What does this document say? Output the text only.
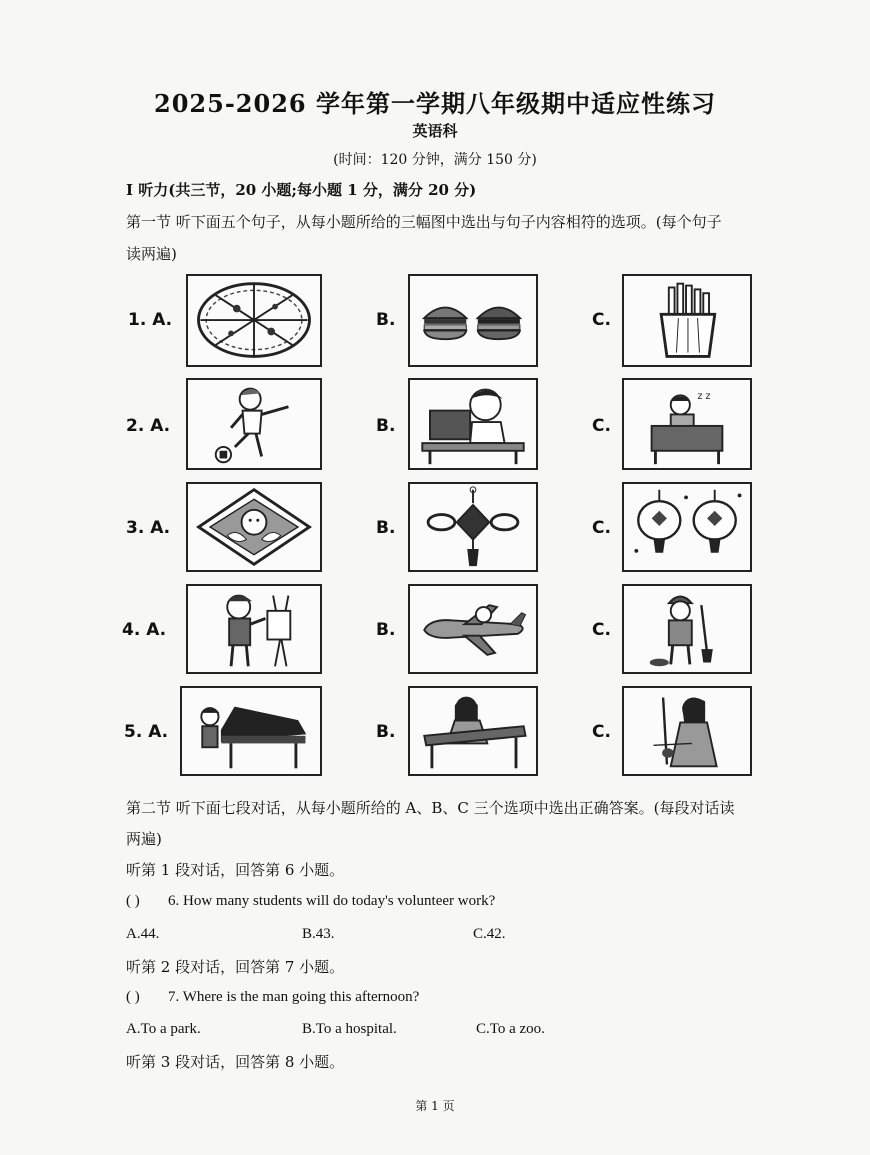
2025-2026 学年第一学期八年级期中适应性练习
英语科
(时间：120 分钟，满分 150 分)
I 听力(共三节，20 小题;每小题 1 分，满分 20 分)
第一节 听下面五个句子，从每小题所给的三幅图中选出与句子内容相符的选项。(每个句子
读两遍)
1. A.	B.	C.
2. A.	B.	C.
z z
3. A.	B.	C.
4. A.	B.	C.
5. A.	B.	C.
第二节 听下面七段对话，从每小题所给的 A、B、C 三个选项中选出正确答案。(每段对话读
两遍)
听第 1 段对话，回答第 6 小题。
( ) 6. How many students will do today's volunteer work?
A.44.	B.43.	C.42.
听第 2 段对话，回答第 7 小题。
( ) 7. Where is the man going this afternoon?
A.To a park.	B.To a hospital.	C.To a zoo.
听第 3 段对话，回答第 8 小题。
第 1 页
